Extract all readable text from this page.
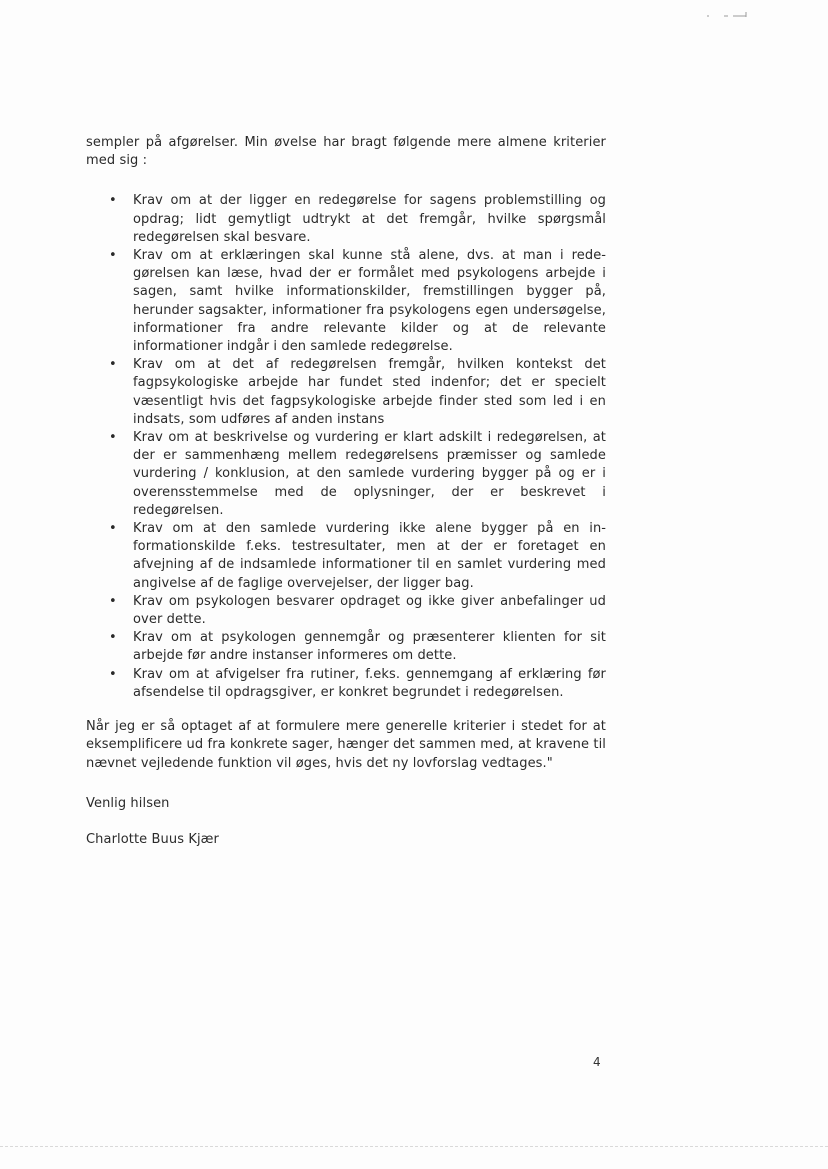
sempler på afgørelser. Min øvelse har bragt følgende mere almene kriterier med sig :

• Krav om at der ligger en redegørelse for sagens problemstilling og opdrag; lidt gemytligt udtrykt at det fremgår, hvilke spørgsmål redegørelsen skal besvare.
• Krav om at erklæringen skal kunne stå alene, dvs. at man i redegørelsen kan læse, hvad der er formålet med psykologens arbejde i sagen, samt hvilke informationskilder, fremstillingen bygger på, herunder sagsakter, informationer fra psykologens egen undersøgelse, informationer fra andre relevante kilder og at de relevante informationer indgår i den samlede redegørelse.
• Krav om at det af redegørelsen fremgår, hvilken kontekst det fagpsykologiske arbejde har fundet sted indenfor; det er specielt væsentligt hvis det fagpsykologiske arbejde finder sted som led i en indsats, som udføres af anden instans
• Krav om at beskrivelse og vurdering er klart adskilt i redegørelsen, at der er sammenhæng mellem redegørelsens præmisser og samlede vurdering / konklusion, at den samlede vurdering bygger på og er i overensstemmelse med de oplysninger, der er beskrevet i redegørelsen.
• Krav om at den samlede vurdering ikke alene bygger på en informationskilde f.eks. testresultater, men at der er foretaget en afvejning af de indsamlede informationer til en samlet vurdering med angivelse af de faglige overvejelser, der ligger bag.
• Krav om psykologen besvarer opdraget og ikke giver anbefalinger ud over dette.
• Krav om at psykologen gennemgår og præsenterer klienten for sit arbejde før andre instanser informeres om dette.
• Krav om at afvigelser fra rutiner, f.eks. gennemgang af erklæring før afsendelse til opdragsgiver, er konkret begrundet i redegørelsen.

Når jeg er så optaget af at formulere mere generelle kriterier i stedet for at eksemplificere ud fra konkrete sager, hænger det sammen med, at kravene til nævnet vejledende funktion vil øges, hvis det ny lovforslag vedtages."

Venlig hilsen

Charlotte Buus Kjær

4
